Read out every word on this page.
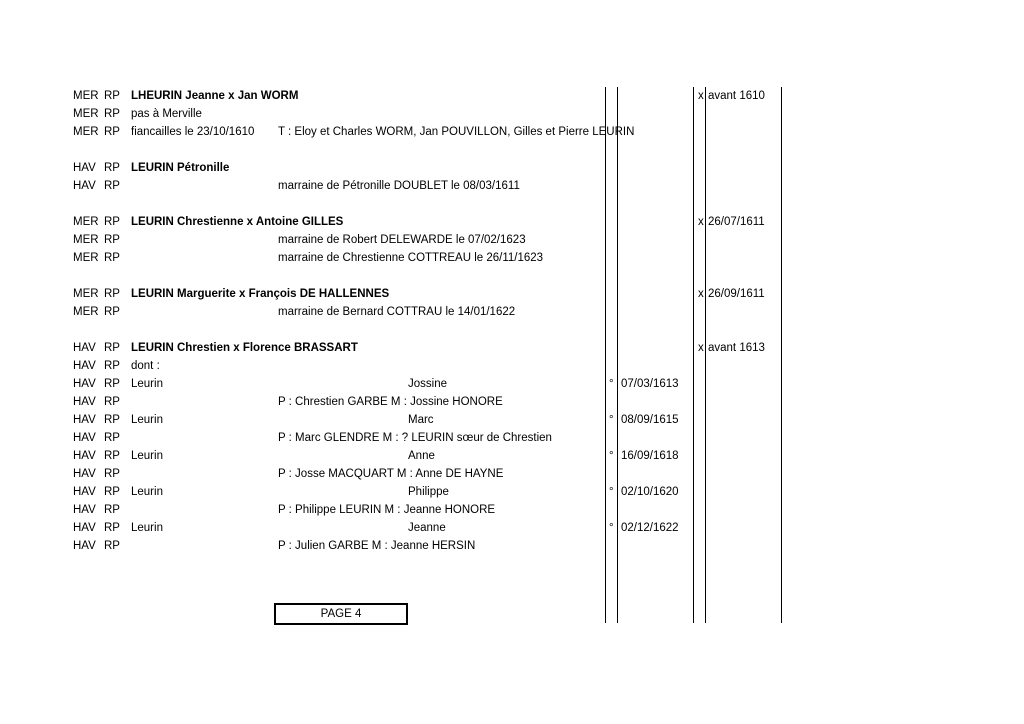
MER RP LHEURIN Jeanne x Jan WORM	x avant 1610
MER RP pas à Merville
MER RP fiancailles le 23/10/1610 T : Eloy et Charles WORM, Jan POUVILLON, Gilles et Pierre LEURIN
HAV RP LEURIN Pétronille
HAV RP	marraine de Pétronille DOUBLET le 08/03/1611
MER RP LEURIN Chrestienne x Antoine GILLES	x 26/07/1611
MER RP	marraine de Robert DELEWARDE le 07/02/1623
MER RP	marraine de Chrestienne COTTREAU le 26/11/1623
MER RP LEURIN Marguerite x François DE HALLENNES	x 26/09/1611
MER RP	marraine de Bernard COTTRAU le 14/01/1622
HAV RP LEURIN Chrestien x Florence BRASSART	x avant 1613
HAV RP dont :
HAV RP Leurin	Jossine	° 07/03/1613
HAV RP	P : Chrestien GARBE M : Jossine HONORE
HAV RP Leurin	Marc	° 08/09/1615
HAV RP	P : Marc GLENDRE M : ? LEURIN sœur de Chrestien
HAV RP Leurin	Anne	° 16/09/1618
HAV RP	P : Josse MACQUART M : Anne DE HAYNE
HAV RP Leurin	Philippe	° 02/10/1620
HAV RP	P : Philippe LEURIN M : Jeanne HONORE
HAV RP Leurin	Jeanne	° 02/12/1622
HAV RP	P : Julien GARBE M : Jeanne HERSIN
PAGE 4
